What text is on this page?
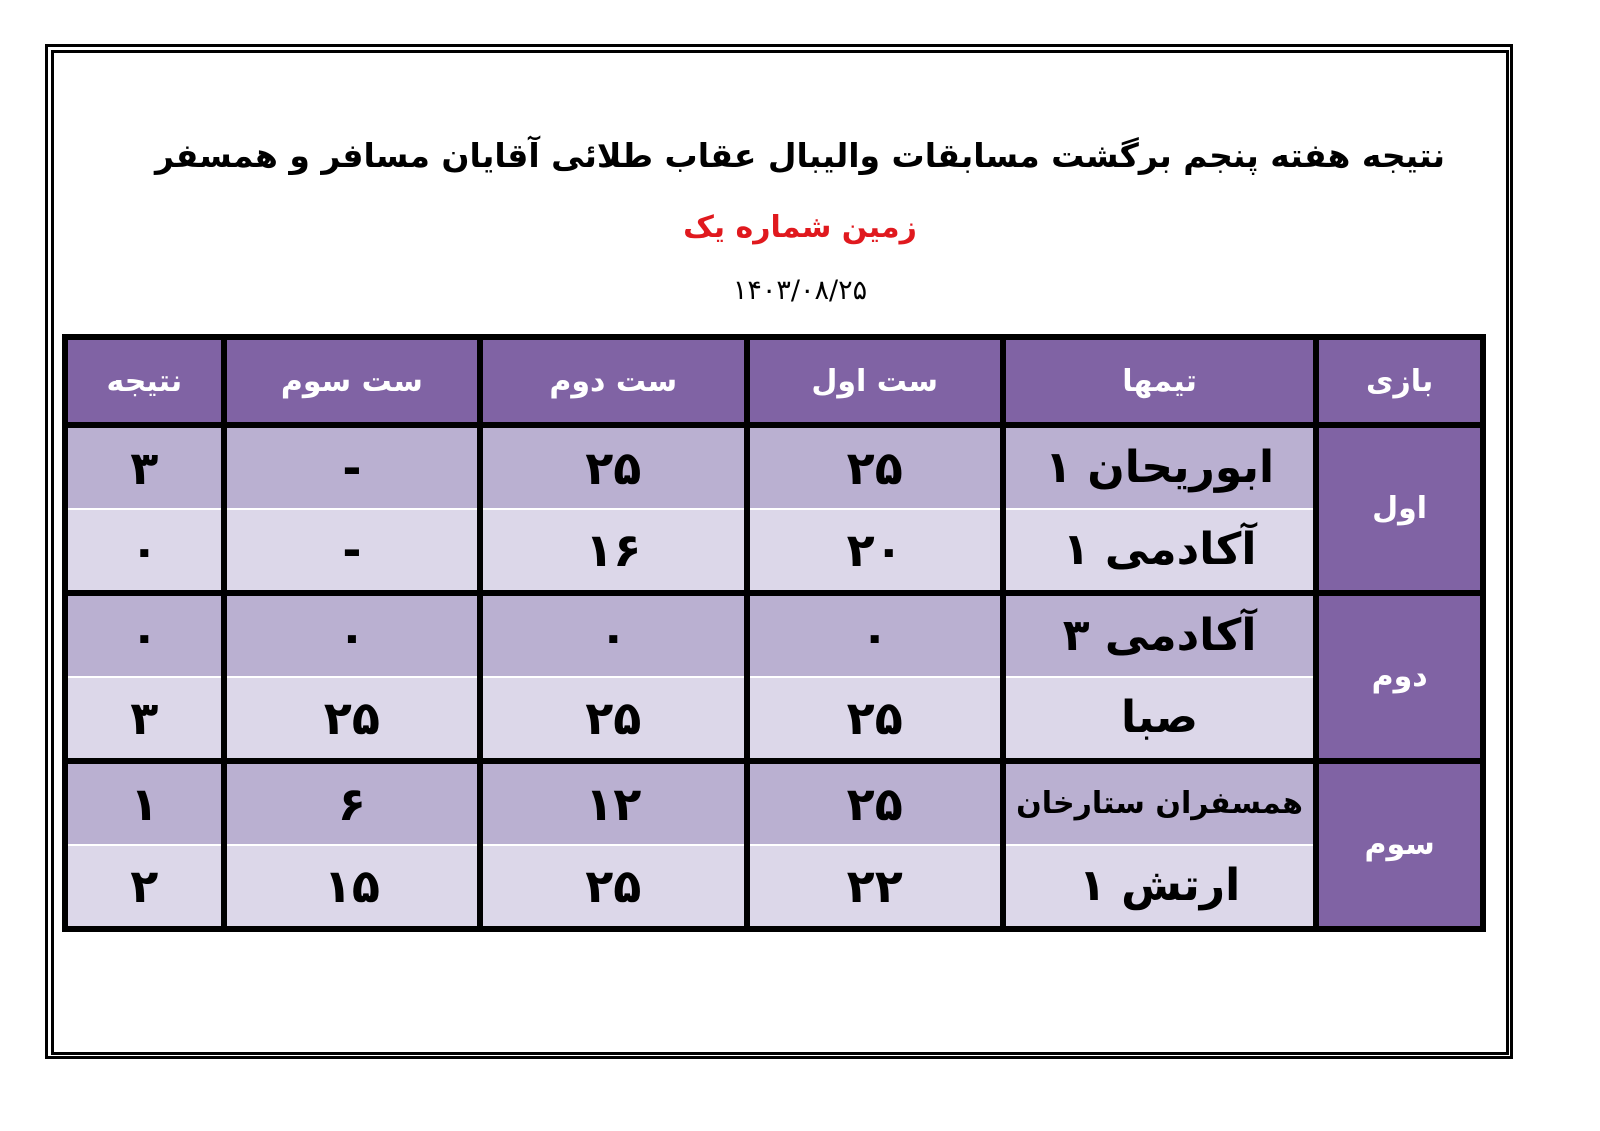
نتیجه هفته پنجم برگشت مسابقات والیبال عقاب طلائی آقایان مسافر و همسفر
زمین شماره یک
۱۴۰۳/۰۸/۲۵
بازی	تیمها	ست اول	ست دوم	ست سوم	نتیجه
اول	ابوریحان ۱	۲۵	۲۵	-	۳
	آکادمی ۱	۲۰	۱۶	-	۰
دوم	آکادمی ۳	۰	۰	۰	۰
	صبا	۲۵	۲۵	۲۵	۳
سوم	همسفران ستارخان	۲۵	۱۲	۶	۱
	ارتش ۱	۲۲	۲۵	۱۵	۲
